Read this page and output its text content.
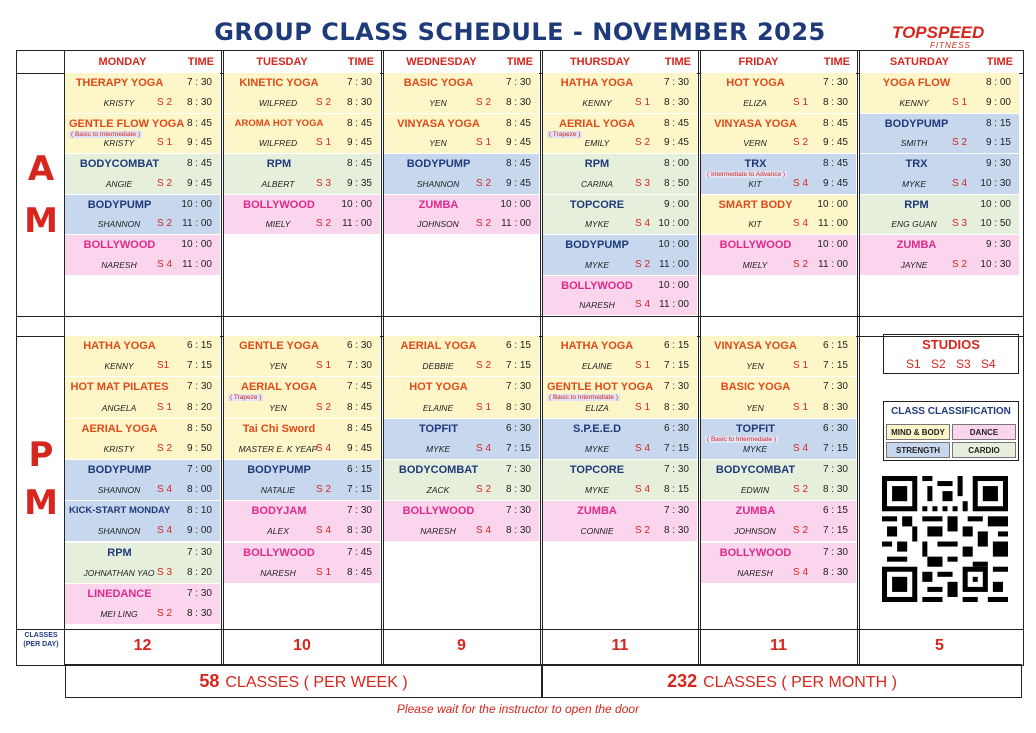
GROUP CLASS SCHEDULE - NOVEMBER 2025	TOPSPEED
FITNESS
A
M
P
M
CLASSES
(PER DAY)
MONDAY	TIME	TUESDAY	TIME	WEDNESDAY	TIME	THURSDAY	TIME	FRIDAY	TIME	SATURDAY	TIME
THERAPY YOGA	7 : 30
KRISTY	S 2 8 : 30
GENTLE FLOW YOGA 8 : 45
KRISTY	S 1 9 : 45
( Basic to Intermediate )
BODYCOMBAT	8 : 45
ANGIE	S 2 9 : 45
BODYPUMP	10 : 00
SHANNON	S 2 11 : 00
BOLLYWOOD	10 : 00
NARESH	S 4 11 : 00
KINETIC YOGA	7 : 30
WILFRED	S 2 8 : 30
AROMA HOT YOGA	8 : 45
WILFRED	S 1 9 : 45
RPM	8 : 45
ALBERT	S 3 9 : 35
BOLLYWOOD	10 : 00
MIELY	S 2 11 : 00
BASIC YOGA	7 : 30
YEN	S 2 8 : 30
VINYASA YOGA	8 : 45
YEN	S 1 9 : 45
BODYPUMP	8 : 45
SHANNON	S 2 9 : 45
ZUMBA	10 : 00
JOHNSON	S 2 11 : 00
HATHA YOGA	7 : 30
KENNY	S 1 8 : 30
AERIAL YOGA	8 : 45
EMILY	S 2 9 : 45
( Trapeze )
RPM	8 : 00
CARINA	S 3 8 : 50
TOPCORE	9 : 00
MYKE	S 4 10 : 00
BODYPUMP	10 : 00
MYKE	S 2 11 : 00
BOLLYWOOD	10 : 00
NARESH	S 4 11 : 00
HOT YOGA	7 : 30
ELIZA	S 1 8 : 30
VINYASA YOGA	8 : 45
VERN	S 2 9 : 45
TRX	8 : 45
KIT	S 4 9 : 45
( Intermediate to Advance )
SMART BODY	10 : 00
KIT	S 4 11 : 00
BOLLYWOOD	10 : 00
MIELY	S 2 11 : 00
YOGA FLOW	8 : 00
KENNY	S 1 9 : 00
BODYPUMP	8 : 15
SMITH	S 2 9 : 15
TRX	9 : 30
MYKE	S 4 10 : 30
RPM	10 : 00
ENG GUAN	S 3 10 : 50
ZUMBA	9 : 30
JAYNE	S 2 10 : 30
HATHA YOGA	6 : 15
KENNY	S1 7 : 15
HOT MAT PILATES 7 : 30
ANGELA	S 1 8 : 20
AERIAL YOGA	8 : 50
KRISTY	S 2 9 : 50
BODYPUMP	7 : 00
SHANNON	S 4 8 : 00
KICK-START MONDAY 8 : 10
SHANNON	S 4 9 : 00
RPM	7 : 30
JOHNATHAN YAO S 3 8 : 20
LINEDANCE	7 : 30
MEI LING	S 2 8 : 30
GENTLE YOGA	6 : 30
YEN	S 1 7 : 30
AERIAL YOGA	7 : 45
YEN	S 2 8 : 45
( Trapeze )
Tai Chi Sword	8 : 45
MASTER E. K YEAP
S 4 9 : 45
BODYPUMP	6 : 15
NATALIE	S 2 7 : 15
BODYJAM	7 : 30
ALEX	S 4 8 : 30
BOLLYWOOD	7 : 45
NARESH	S 1 8 : 45
AERIAL YOGA	6 : 15
DEBBIE	S 2 7 : 15
HOT YOGA	7 : 30
ELAINE	S 1 8 : 30
TOPFIT	6 : 30
MYKE	S 4 7 : 15
BODYCOMBAT	7 : 30
ZACK	S 2 8 : 30
BOLLYWOOD	7 : 30
NARESH	S 4 8 : 30
HATHA YOGA	6 : 15
ELAINE	S 1 7 : 15
GENTLE HOT YOGA 7 : 30
ELIZA	S 1 8 : 30
( Basic to Intermediate )
S.P.E.E.D	6 : 30
MYKE	S 4 7 : 15
TOPCORE	7 : 30
MYKE	S 4 8 : 15
ZUMBA	7 : 30
CONNIE	S 2 8 : 30
VINYASA YOGA	6 : 15
YEN	S 1 7 : 15
BASIC YOGA	7 : 30
YEN	S 1 8 : 30
TOPFIT	6 : 30
MYKE	S 4 7 : 15
( Basic to Intermediate )
BODYCOMBAT	7 : 30
EDWIN	S 2 8 : 30
ZUMBA	6 : 15
JOHNSON	S 2 7 : 15
BOLLYWOOD	7 : 30
NARESH	S 4 8 : 30
12	10	9	11	11	5
58 CLASSES ( PER WEEK )	232 CLASSES ( PER MONTH )
Please wait for the instructor to open the door
STUDIOS
S1 S2 S3 S4
CLASS CLASSIFICATION
MIND & BODY	DANCE
STRENGTH	CARDIO
